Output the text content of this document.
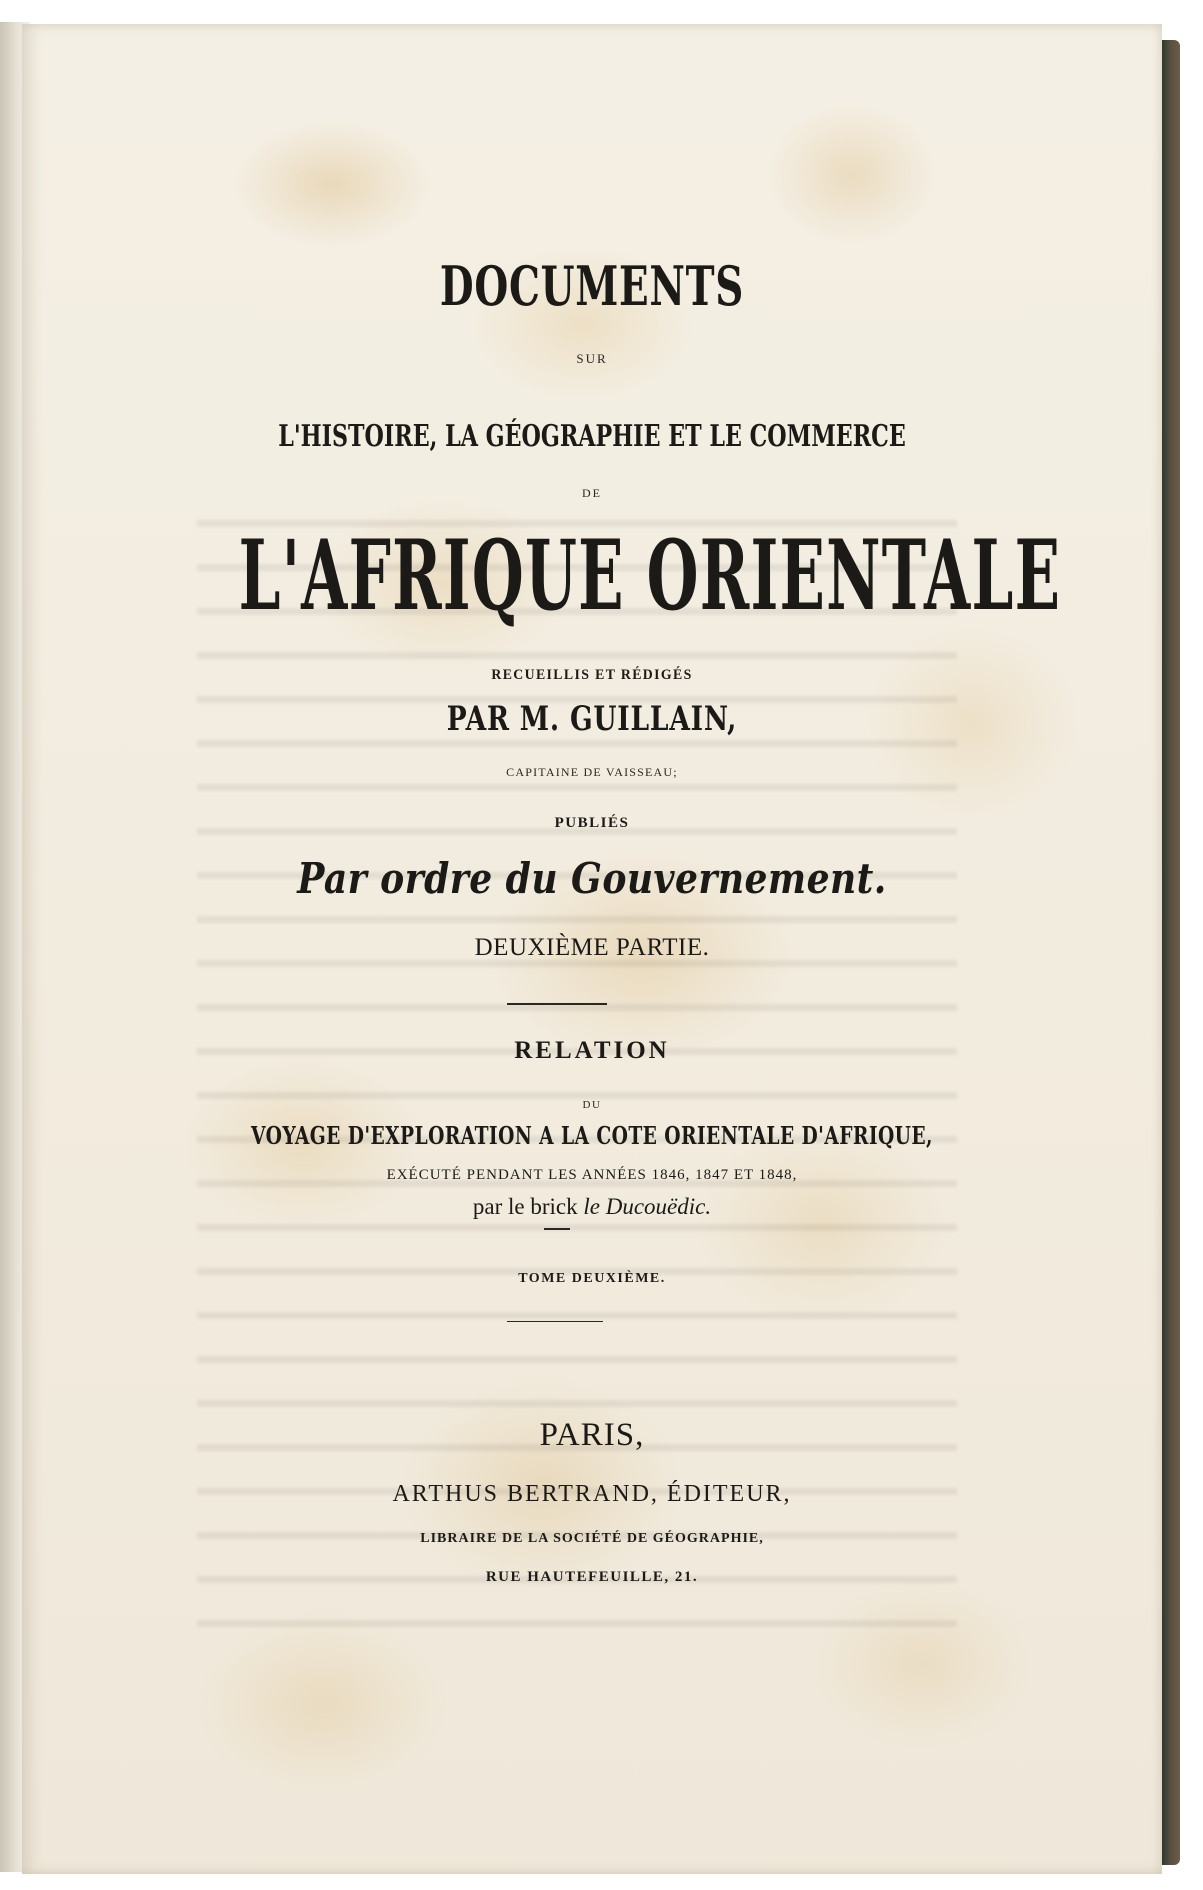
DOCUMENTS

SUR

L'HISTOIRE, LA GÉOGRAPHIE ET LE COMMERCE

DE

L'AFRIQUE ORIENTALE

RECUEILLIS ET RÉDIGÉS

PAR M. GUILLAIN,

CAPITAINE DE VAISSEAU;

PUBLIÉS

Par ordre du Gouvernement.

DEUXIÈME PARTIE.

RELATION

DU

VOYAGE D'EXPLORATION A LA COTE ORIENTALE D'AFRIQUE,

EXÉCUTÉ PENDANT LES ANNÉES 1846, 1847 ET 1848,

par le brick le Ducouëdic.

TOME DEUXIÈME.

PARIS,

ARTHUS BERTRAND, ÉDITEUR,

LIBRAIRE DE LA SOCIÉTÉ DE GÉOGRAPHIE,

RUE HAUTEFEUILLE, 21.
